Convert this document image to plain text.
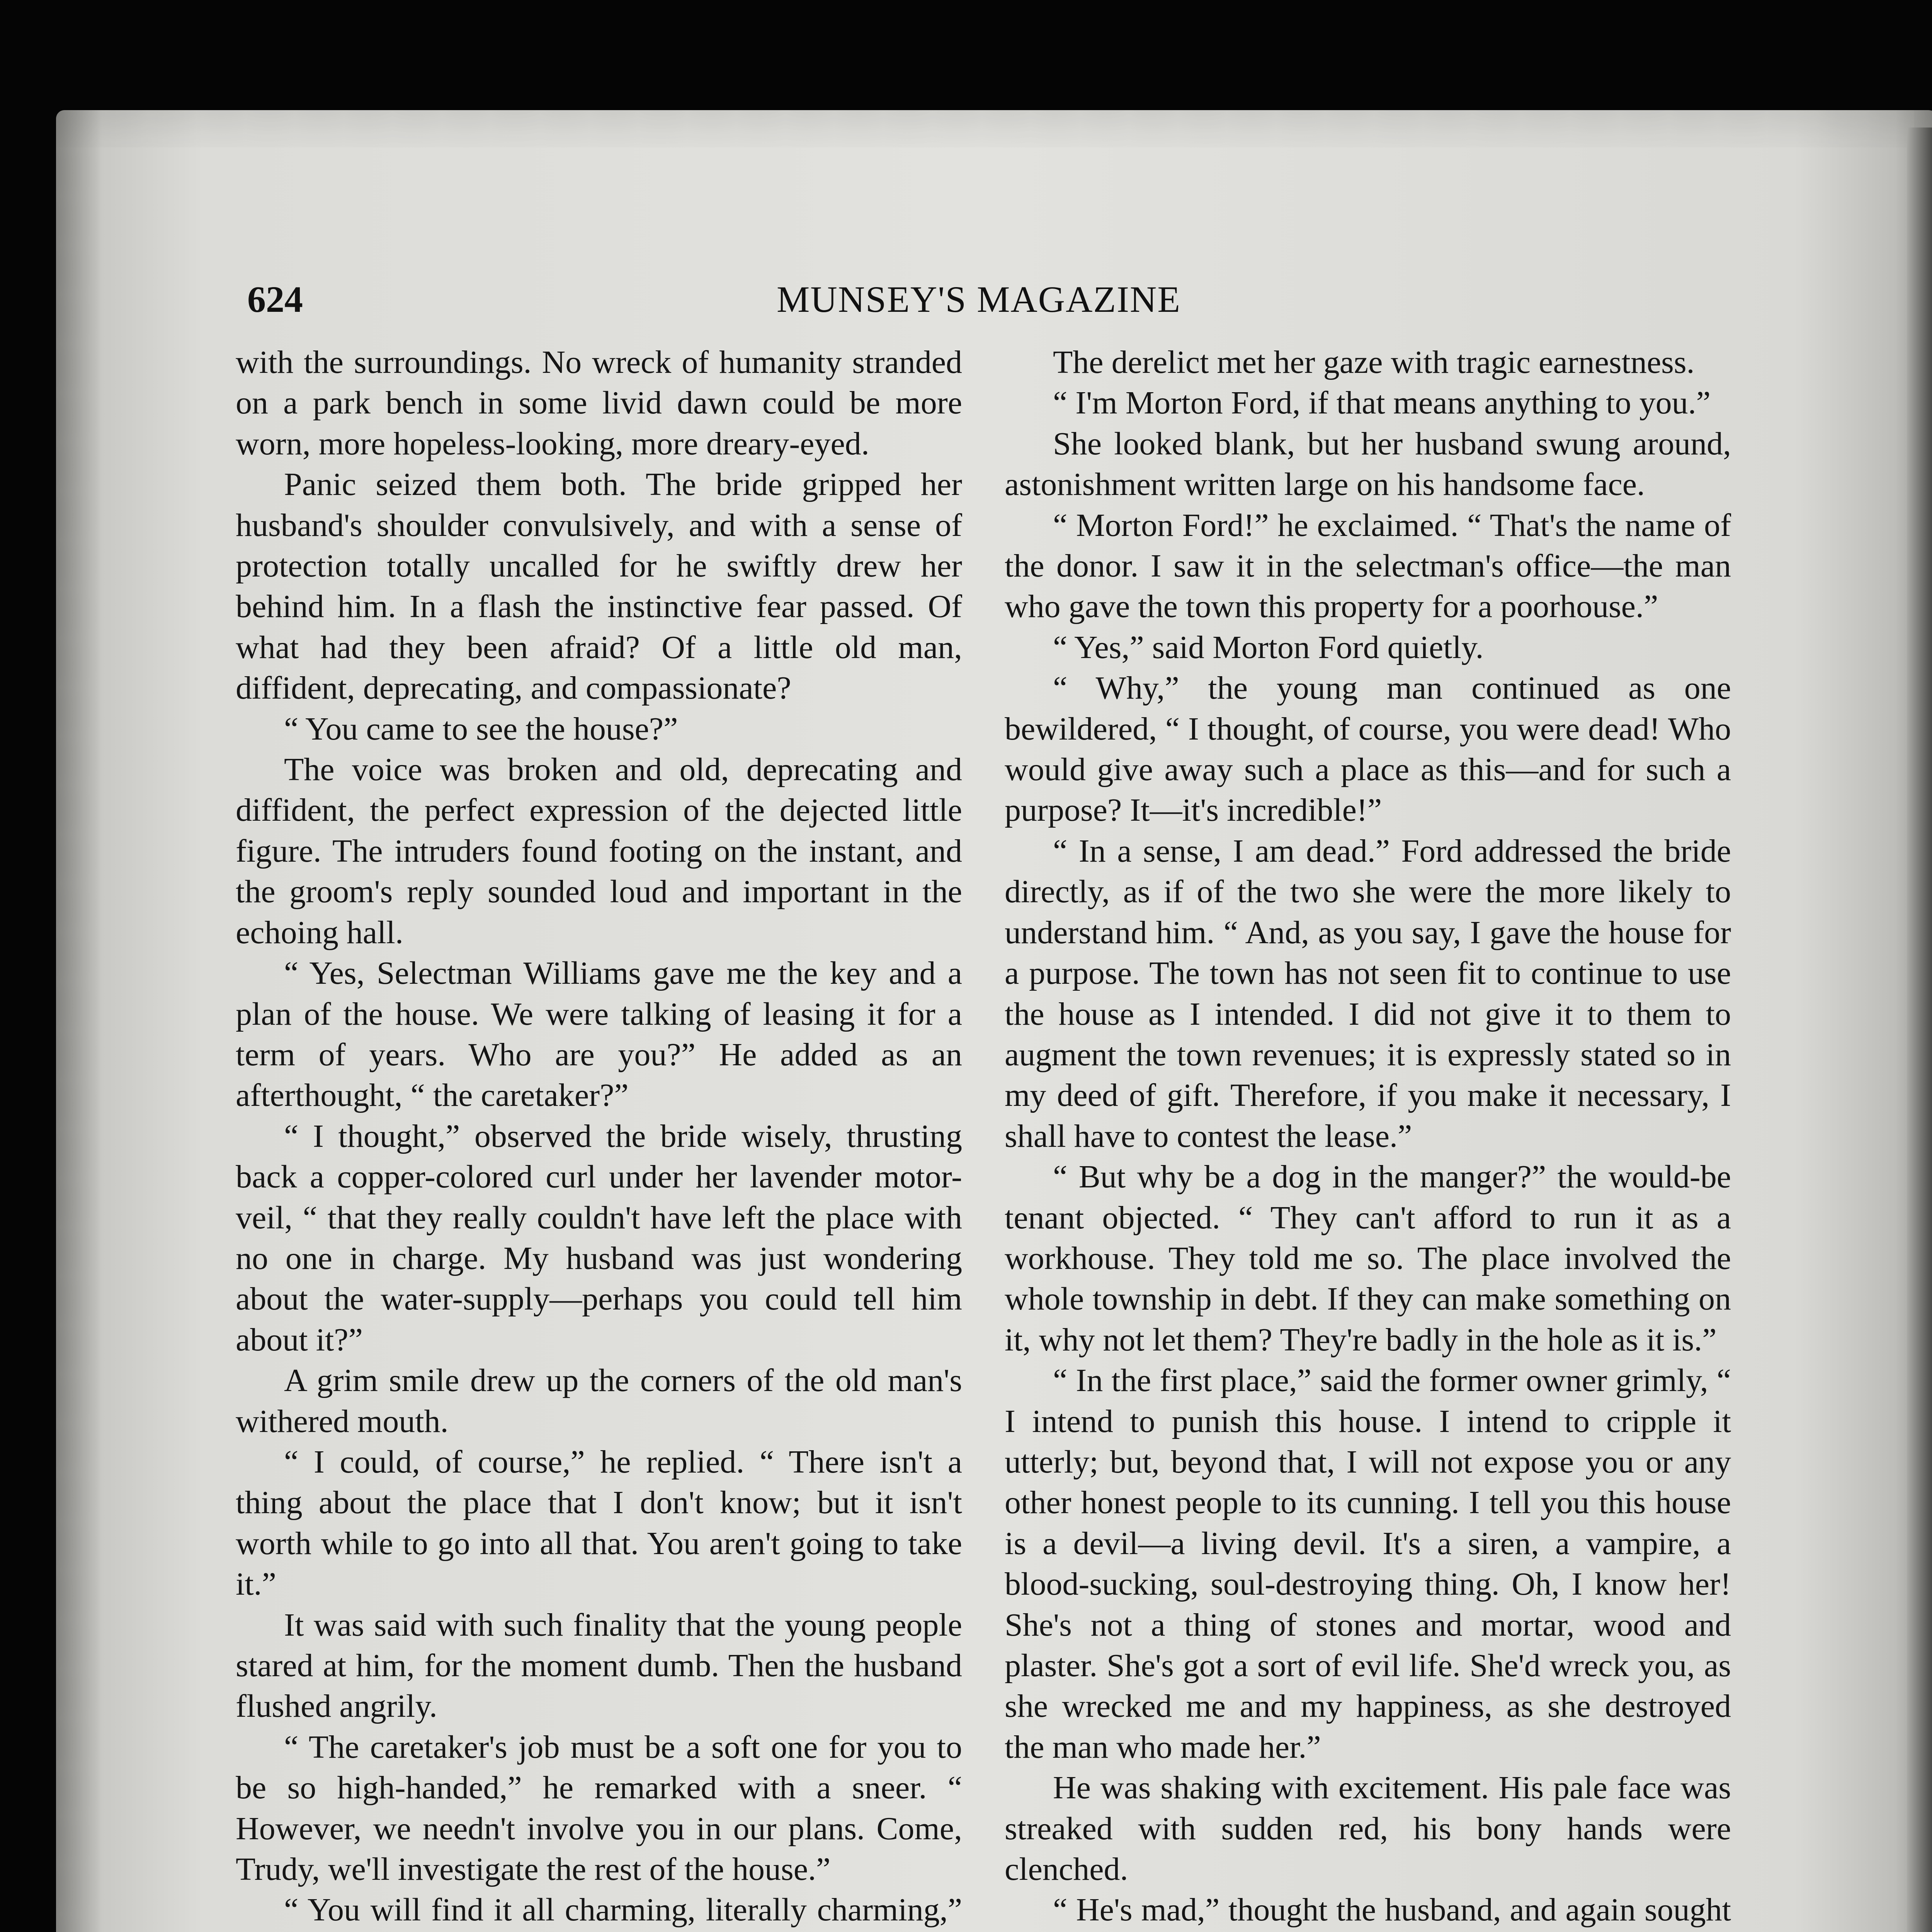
624	MUNSEY'S MAGAZINE

with the surroundings. No wreck of humanity stranded on a park bench in some livid dawn could be more worn, more hopeless-looking, more dreary-eyed.

Panic seized them both. The bride gripped her husband's shoulder convulsively, and with a sense of protection totally uncalled for he swiftly drew her behind him. In a flash the instinctive fear passed. Of what had they been afraid? Of a little old man, diffident, deprecating, and compassionate?

“ You came to see the house?”

The voice was broken and old, deprecating and diffident, the perfect expression of the dejected little figure. The intruders found footing on the instant, and the groom's reply sounded loud and important in the echoing hall.

“ Yes, Selectman Williams gave me the key and a plan of the house. We were talking of leasing it for a term of years. Who are you?” He added as an afterthought, “ the caretaker?”

“ I thought,” observed the bride wisely, thrusting back a copper-colored curl under her lavender motor-veil, “ that they really couldn't have left the place with no one in charge. My husband was just wondering about the water-supply—perhaps you could tell him about it?”

A grim smile drew up the corners of the old man's withered mouth.

“ I could, of course,” he replied. “ There isn't a thing about the place that I don't know; but it isn't worth while to go into all that. You aren't going to take it.”

It was said with such finality that the young people stared at him, for the moment dumb. Then the husband flushed angrily.

“ The caretaker's job must be a soft one for you to be so high-handed,” he remarked with a sneer. “ However, we needn't involve you in our plans. Come, Trudy, we'll investigate the rest of the house.”

“ You will find it all charming, literally charming,”

The derelict met her gaze with tragic earnestness.

“ I'm Morton Ford, if that means anything to you.”

She looked blank, but her husband swung around, astonishment written large on his handsome face.

“ Morton Ford!” he exclaimed. “ That's the name of the donor. I saw it in the selectman's office—the man who gave the town this property for a poorhouse.”

“ Yes,” said Morton Ford quietly.

“ Why,” the young man continued as one bewildered, “ I thought, of course, you were dead! Who would give away such a place as this—and for such a purpose? It—it's incredible!”

“ In a sense, I am dead.” Ford addressed the bride directly, as if of the two she were the more likely to understand him. “ And, as you say, I gave the house for a purpose. The town has not seen fit to continue to use the house as I intended. I did not give it to them to augment the town revenues; it is expressly stated so in my deed of gift. Therefore, if you make it necessary, I shall have to contest the lease.”

“ But why be a dog in the manger?” the would-be tenant objected. “ They can't afford to run it as a workhouse. They told me so. The place involved the whole township in debt. If they can make something on it, why not let them? They're badly in the hole as it is.”

“ In the first place,” said the former owner grimly, “ I intend to punish this house. I intend to cripple it utterly; but, beyond that, I will not expose you or any other honest people to its cunning. I tell you this house is a devil—a living devil. It's a siren, a vampire, a blood-sucking, soul-destroying thing. Oh, I know her! She's not a thing of stones and mortar, wood and plaster. She's got a sort of evil life. She'd wreck you, as she wrecked me and my happiness, as she destroyed the man who made her.”

He was shaking with excitement. His pale face was streaked with sudden red, his bony hands were clenched.

“ He's mad,” thought the husband, and again sought
